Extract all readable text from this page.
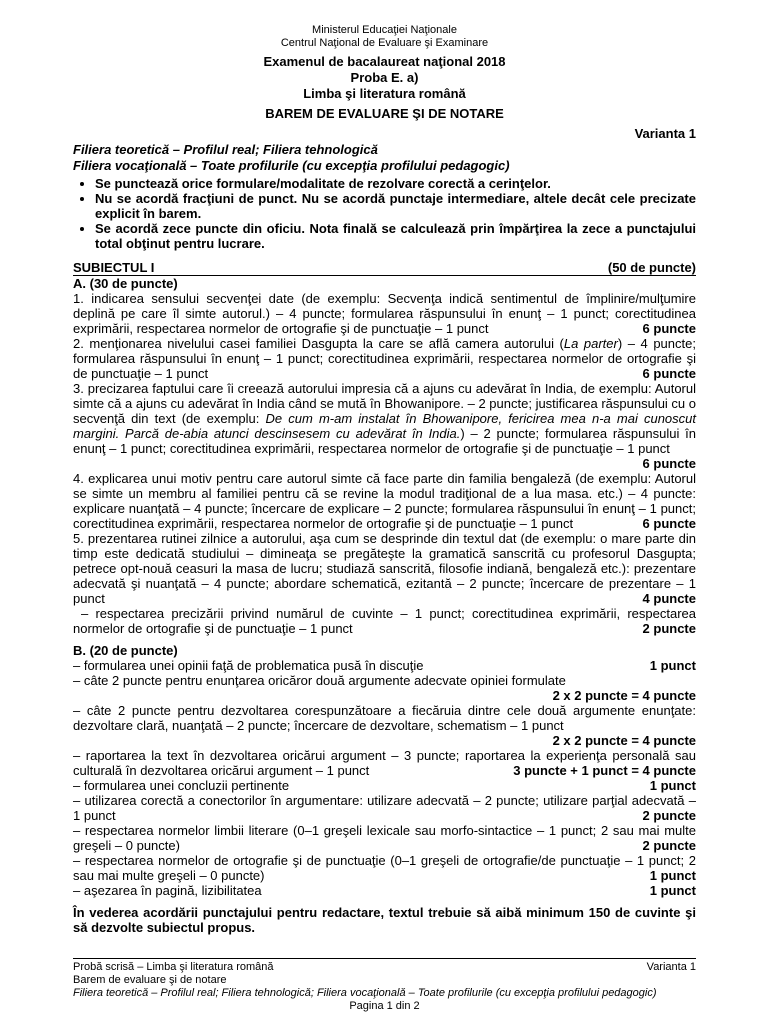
Ministerul Educaţiei Naţionale
Centrul Naţional de Evaluare şi Examinare
Examenul de bacalaureat naţional 2018
Proba E. a)
Limba şi literatura română
BAREM DE EVALUARE ŞI DE NOTARE
Varianta 1
Filiera teoretică – Profilul real; Filiera tehnologică
Filiera vocaţională – Toate profilurile (cu excepţia profilului pedagogic)
• Se punctează orice formulare/modalitate de rezolvare corectă a cerinţelor.
• Nu se acordă fracţiuni de punct. Nu se acordă punctaje intermediare, altele decât cele precizate explicit în barem.
• Se acordă zece puncte din oficiu. Nota finală se calculează prin împărţirea la zece a punctajului total obţinut pentru lucrare.
SUBIECTUL I	(50 de puncte)
A. (30 de puncte)
1. indicarea sensului secvenţei date (de exemplu: Secvenţa indică sentimentul de împlinire/mulţumire deplină pe care îl simte autorul.) – 4 puncte; formularea răspunsului în enunţ – 1 punct; corectitudinea exprimării, respectarea normelor de ortografie şi de punctuaţie – 1 punct	6 puncte
2. menţionarea nivelului casei familiei Dasgupta la care se află camera autorului (La parter) – 4 puncte; formularea răspunsului în enunţ – 1 punct; corectitudinea exprimării, respectarea normelor de ortografie şi de punctuaţie – 1 punct	6 puncte
3. precizarea faptului care îi creează autorului impresia că a ajuns cu adevărat în India, de exemplu: Autorul simte că a ajuns cu adevărat în India când se mută în Bhowanipore. – 2 puncte; justificarea răspunsului cu o secvenţă din text (de exemplu: De cum m-am instalat în Bhowanipore, fericirea mea n-a mai cunoscut margini. Parcă de-abia atunci descinsesem cu adevărat în India.) – 2 puncte; formularea răspunsului în enunţ – 1 punct; corectitudinea exprimării, respectarea normelor de ortografie şi de punctuaţie – 1 punct
6 puncte
4. explicarea unui motiv pentru care autorul simte că face parte din familia bengaleză (de exemplu: Autorul se simte un membru al familiei pentru că se revine la modul tradiţional de a lua masa. etc.) – 4 puncte: explicare nuanţată – 4 puncte; încercare de explicare – 2 puncte; formularea răspunsului în enunţ – 1 punct; corectitudinea exprimării, respectarea normelor de ortografie şi de punctuaţie – 1 punct	6 puncte
5. prezentarea rutinei zilnice a autorului, aşa cum se desprinde din textul dat (de exemplu: o mare parte din timp este dedicată studiului – dimineaţa se pregăteşte la gramatică sanscrită cu profesorul Dasgupta; petrece opt-nouă ceasuri la masa de lucru; studiază sanscrită, filosofie indiană, bengaleză etc.): prezentare adecvată şi nuanţată – 4 puncte; abordare schematică, ezitantă – 2 puncte; încercare de prezentare – 1 punct	4 puncte
– respectarea precizării privind numărul de cuvinte – 1 punct; corectitudinea exprimării, respectarea normelor de ortografie şi de punctuaţie – 1 punct	2 puncte
B. (20 de puncte)
– formularea unei opinii faţă de problematica pusă în discuţie	1 punct
– câte 2 puncte pentru enunţarea oricăror două argumente adecvate opiniei formulate
2 x 2 puncte = 4 puncte
– câte 2 puncte pentru dezvoltarea corespunzătoare a fiecăruia dintre cele două argumente enunţate: dezvoltare clară, nuanţată – 2 puncte; încercare de dezvoltare, schematism – 1 punct
2 x 2 puncte = 4 puncte
– raportarea la text în dezvoltarea oricărui argument – 3 puncte; raportarea la experienţa personală sau culturală în dezvoltarea oricărui argument – 1 punct	3 puncte + 1 punct = 4 puncte
– formularea unei concluzii pertinente	1 punct
– utilizarea corectă a conectorilor în argumentare: utilizare adecvată – 2 puncte; utilizare parţial adecvată – 1 punct	2 puncte
– respectarea normelor limbii literare (0–1 greşeli lexicale sau morfo-sintactice – 1 punct; 2 sau mai multe greşeli – 0 puncte)	2 puncte
– respectarea normelor de ortografie şi de punctuaţie (0–1 greşeli de ortografie/de punctuaţie – 1 punct; 2 sau mai multe greşeli – 0 puncte)	1 punct
– aşezarea în pagină, lizibilitatea	1 punct
În vederea acordării punctajului pentru redactare, textul trebuie să aibă minimum 150 de cuvinte şi să dezvolte subiectul propus.
Probă scrisă – Limba şi literatura română	Varianta 1
Barem de evaluare şi de notare
Filiera teoretică – Profilul real; Filiera tehnologică; Filiera vocaţională – Toate profilurile (cu excepţia profilului pedagogic)
Pagina 1 din 2
